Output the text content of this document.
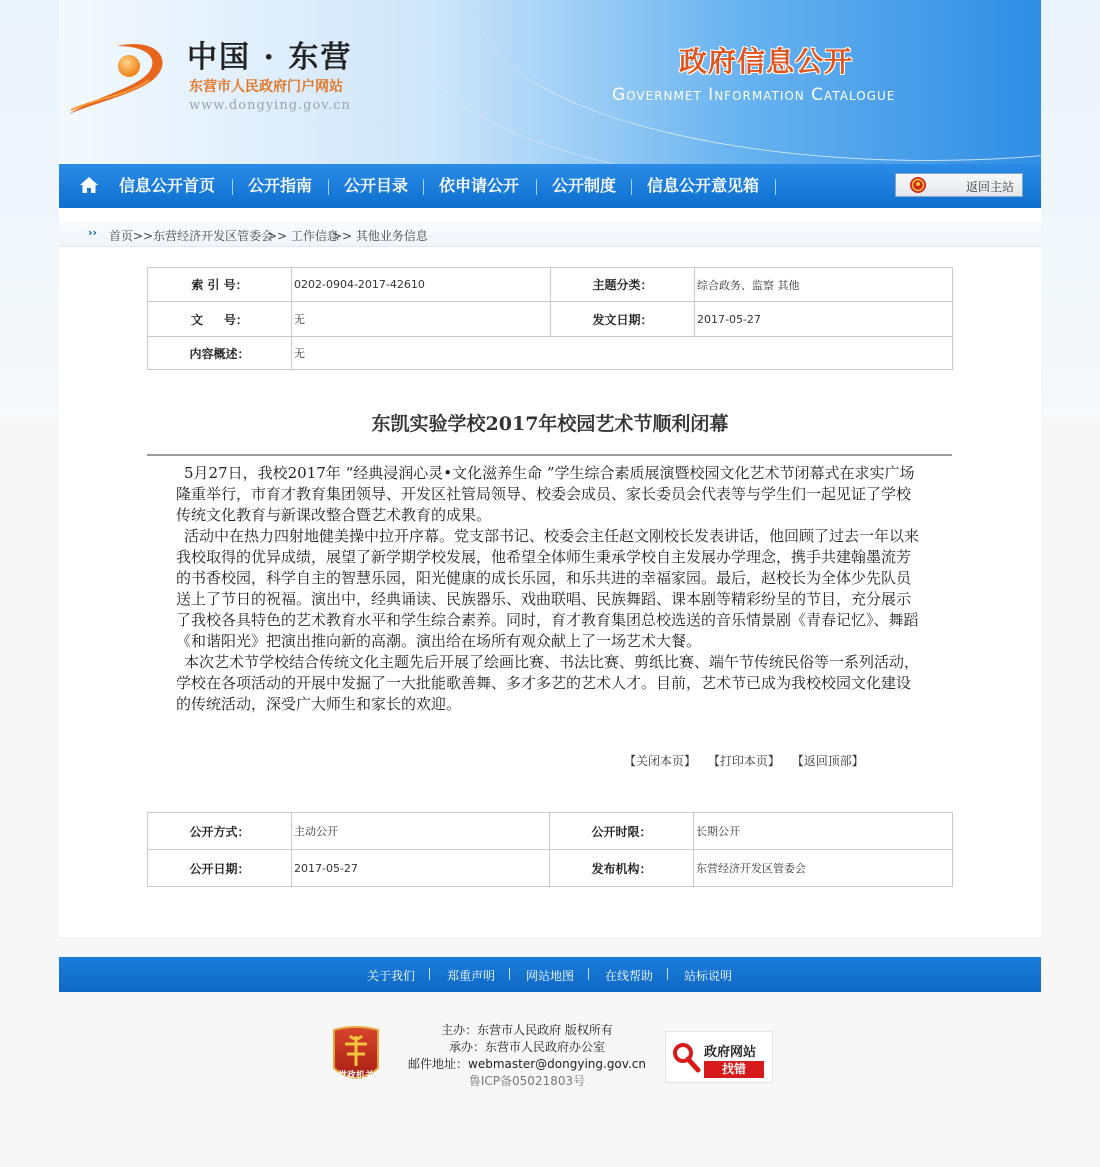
中国 · 东营
东营市人民政府门户网站
www.dongying.gov.cn
政府信息公开
Governmet Information Catalogue
信息公开首页 公开指南 公开目录 依申请公开 公开制度 信息公开意见箱	返回主站
›› 首页 >>东营经济开发区管委会
>> 工作信息
>> 其他业务信息
索 引 号：	0202-0904-2017-42610	主题分类：	综合政务、监察 其他
文     号：	无	发文日期：	2017-05-27
内容概述：	无		
东凯实验学校2017年校园艺术节顺利闭幕

5月27日，我校2017年 “经典浸润心灵•文化滋养生命 ”学生综合素质展演暨校园文化艺术节闭幕式在求实广场隆重举行，市育才教育集团领导、开发区社管局领导、校委会成员、家长委员会代表等与学生们一起见证了学校传统文化教育与新课改整合暨艺术教育的成果。

活动中在热力四射地健美操中拉开序幕。党支部书记、校委会主任赵文刚校长发表讲话，他回顾了过去一年以来我校取得的优异成绩，展望了新学期学校发展，他希望全体师生秉承学校自主发展办学理念，携手共建翰墨流芳的书香校园，科学自主的智慧乐园，阳光健康的成长乐园，和乐共进的幸福家园。最后，赵校长为全体少先队员送上了节日的祝福。演出中，经典诵读、民族器乐、戏曲联唱、民族舞蹈、课本剧等精彩纷呈的节目，充分展示了我校各具特色的艺术教育水平和学生综合素养。同时，育才教育集团总校选送的音乐情景剧《青春记忆》、舞蹈《和谐阳光》把演出推向新的高潮。演出给在场所有观众献上了一场艺术大餐。

本次艺术节学校结合传统文化主题先后开展了绘画比赛、书法比赛、剪纸比赛、端午节传统民俗等一系列活动，学校在各项活动的开展中发掘了一大批能歌善舞、多才多艺的艺术人才。目前，艺术节已成为我校校园文化建设的传统活动，深受广大师生和家长的欢迎。

【关闭本页】 【打印本页】 【返回顶部】
公开方式：	主动公开	公开时限：	长期公开
公开日期：	2017-05-27	发布机构：	东营经济开发区管委会
关于我们	郑重声明	网站地图	在线帮助	站标说明
党政机关
主办：东营市人民政府 版权所有
承办：东营市人民政府办公室
邮件地址：webmaster@dongying.gov.cn
鲁ICP备05021803号
政府网站
找错
